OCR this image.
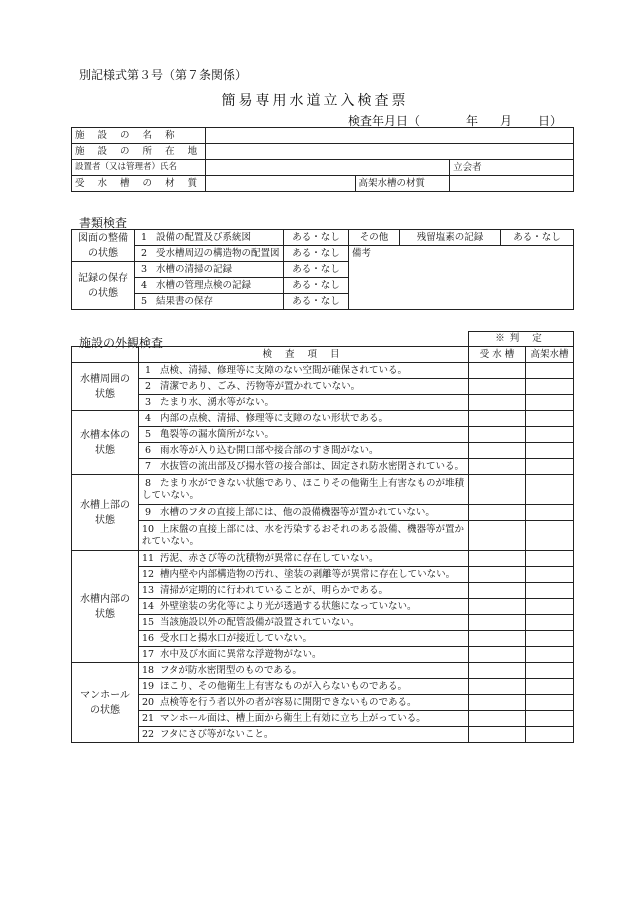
別記様式第３号（第７条関係）
簡易専用水道立入検査票
検査年月日（	年	月	日）
施 設 の 名 称			
施 設 の 所 在 地			
設置者（又は管理者）氏名			立会者
受 水 槽 の 材 質		高架水槽の材質	
書類検査
図面の整備の状態	1 設備の配置及び系統図	ある・なし	その他	残留塩素の記録	ある・なし
	2 受水槽周辺の構造物の配置図	ある・なし	備考		
記録の保存の状態	3 水槽の清掃の記録	ある・なし			
	4 水槽の管理点検の記録	ある・なし			
	5 結果書の保存	ある・なし			
施設の外観検査
		※判 定	
	検 査 項 目	受 水 槽	高架水槽
水槽周囲の状態	1 点検、清掃、修理等に支障のない空間が確保されている。		
	2 清潔であり、ごみ、汚物等が置かれていない。		
	3 たまり水、湧水等がない。		
水槽本体の状態	4 内部の点検、清掃、修理等に支障のない形状である。		
	5 亀裂等の漏水箇所がない。		
	6 雨水等が入り込む開口部や接合部のすき間がない。		
	7 水抜管の流出部及び揚水管の接合部は、固定され防水密閉されている。		
水槽上部の状態	8 たまり水ができない状態であり、ほこりその他衛生上有害なものが堆積していない。		
	9 水槽のフタの直接上部には、他の設備機器等が置かれていない。		
	10 上床盤の直接上部には、水を汚染するおそれのある設備、機器等が置かれていない。		
水槽内部の状態	11 汚泥、赤さび等の沈積物が異常に存在していない。		
	12 槽内壁や内部構造物の汚れ、塗装の剥離等が異常に存在していない。		
	13 清掃が定期的に行われていることが、明らかである。		
	14 外壁塗装の劣化等により光が透過する状態になっていない。		
	15 当該施設以外の配管設備が設置されていない。		
	16 受水口と揚水口が接近していない。		
	17 水中及び水面に異常な浮遊物がない。		
マンホールの状態	18 フタが防水密閉型のものである。		
	19 ほこり、その他衛生上有害なものが入らないものである。		
	20 点検等を行う者以外の者が容易に開閉できないものである。		
	21 マンホール面は、槽上面から衛生上有効に立ち上がっている。		
	22 フタにさび等がないこと。		
